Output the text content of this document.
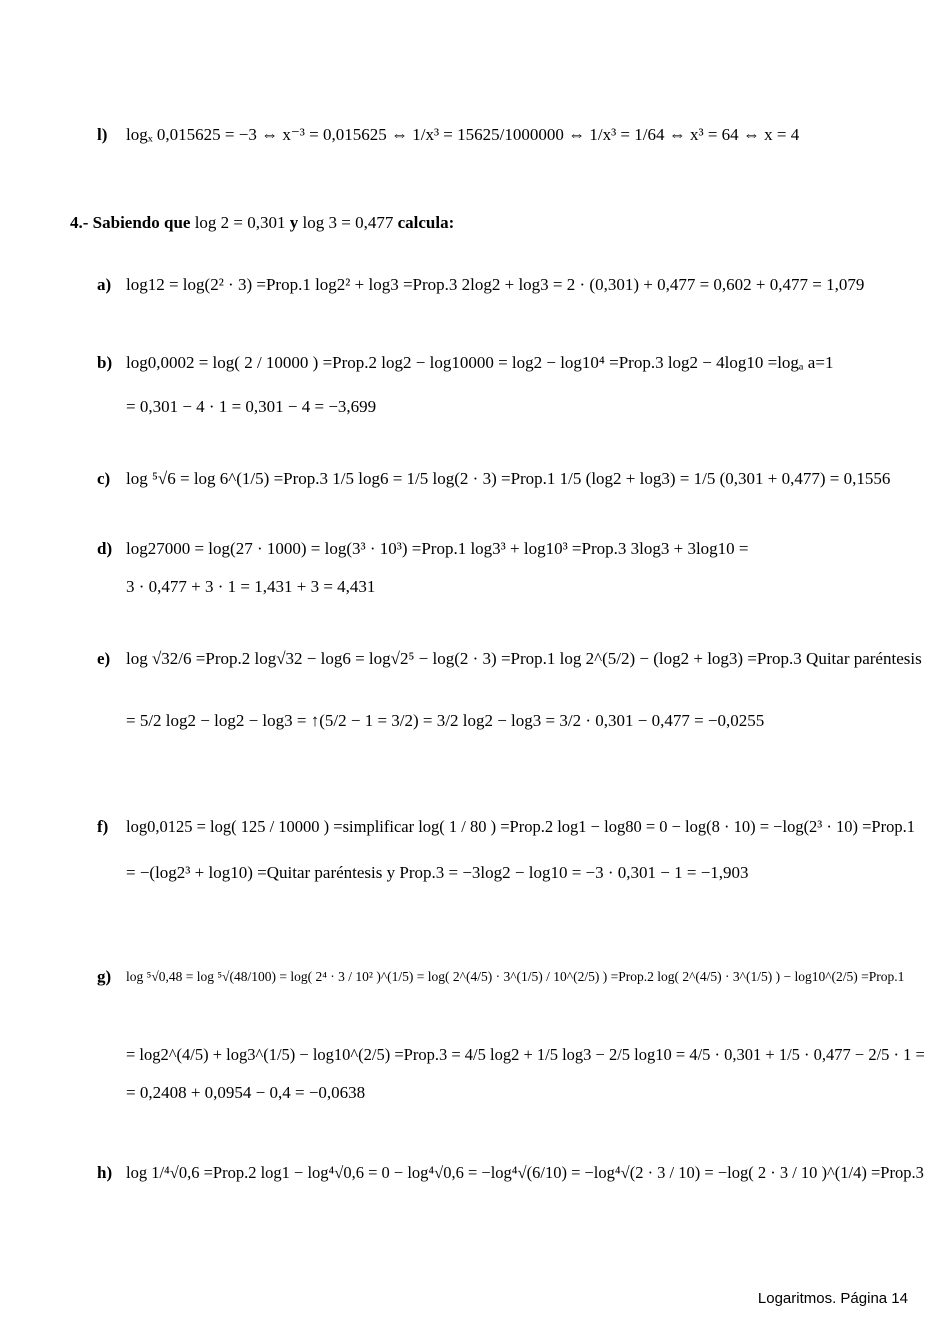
l) logₓ 0,015625 = −3 ⇔ x⁻³ = 0,015625 ⇔ 1/x³ = 15625/1000000 ⇔ 1/x³ = 1/64 ⇔ x³ = 64 ⇔ x = 4
4.- Sabiendo que log 2 = 0,301 y log 3 = 0,477 calcula:
a) log12 = log(2² · 3) =Prop.1 log2² + log3 =Prop.3 2log2 + log3 = 2 · (0,301) + 0,477 = 0,602 + 0,477 = 1,079
b) log0,0002 = log( 2 / 10000 ) =Prop.2 log2 − log10000 = log2 − log10⁴ =Prop.3 log2 − 4log10 =logₐ a=1
= 0,301 − 4 · 1 = 0,301 − 4 = −3,699
c) log ⁵√6 = log 6^(1/5) =Prop.3 1/5 log6 = 1/5 log(2 · 3) =Prop.1 1/5 (log2 + log3) = 1/5 (0,301 + 0,477) = 0,1556
d) log27000 = log(27 · 1000) = log(3³ · 10³) =Prop.1 log3³ + log10³ =Prop.3 3log3 + 3log10 =
3 · 0,477 + 3 · 1 = 1,431 + 3 = 4,431
e) log √32/6 =Prop.2 log√32 − log6 = log√2⁵ − log(2 · 3) =Prop.1 log 2^(5/2) − (log2 + log3) =Prop.3 Quitar paréntesis
= 5/2 log2 − log2 − log3 = ↑(5/2 − 1 = 3/2) = 3/2 log2 − log3 = 3/2 · 0,301 − 0,477 = −0,0255
f) log0,0125 = log( 125 / 10000 ) =simplificar log( 1 / 80 ) =Prop.2 log1 − log80 = 0 − log(8 · 10) = −log(2³ · 10) =Prop.1
= −(log2³ + log10) =Quitar paréntesis y Prop.3 = −3log2 − log10 = −3 · 0,301 − 1 = −1,903
g) log ⁵√0,48 = log ⁵√(48/100) = log( 2⁴ · 3 / 10² )^(1/5) = log( 2^(4/5) · 3^(1/5) / 10^(2/5) ) =Prop.2 log( 2^(4/5) · 3^(1/5) ) − log10^(2/5) =Prop.1
= log2^(4/5) + log3^(1/5) − log10^(2/5) =Prop.3 = 4/5 log2 + 1/5 log3 − 2/5 log10 = 4/5 · 0,301 + 1/5 · 0,477 − 2/5 · 1 =
= 0,2408 + 0,0954 − 0,4 = −0,0638
h) log 1/⁴√0,6 =Prop.2 log1 − log⁴√0,6 = 0 − log⁴√0,6 = −log⁴√(6/10) = −log⁴√(2 · 3 / 10) = −log( 2 · 3 / 10 )^(1/4) =Prop.3
Logaritmos. Página 14
